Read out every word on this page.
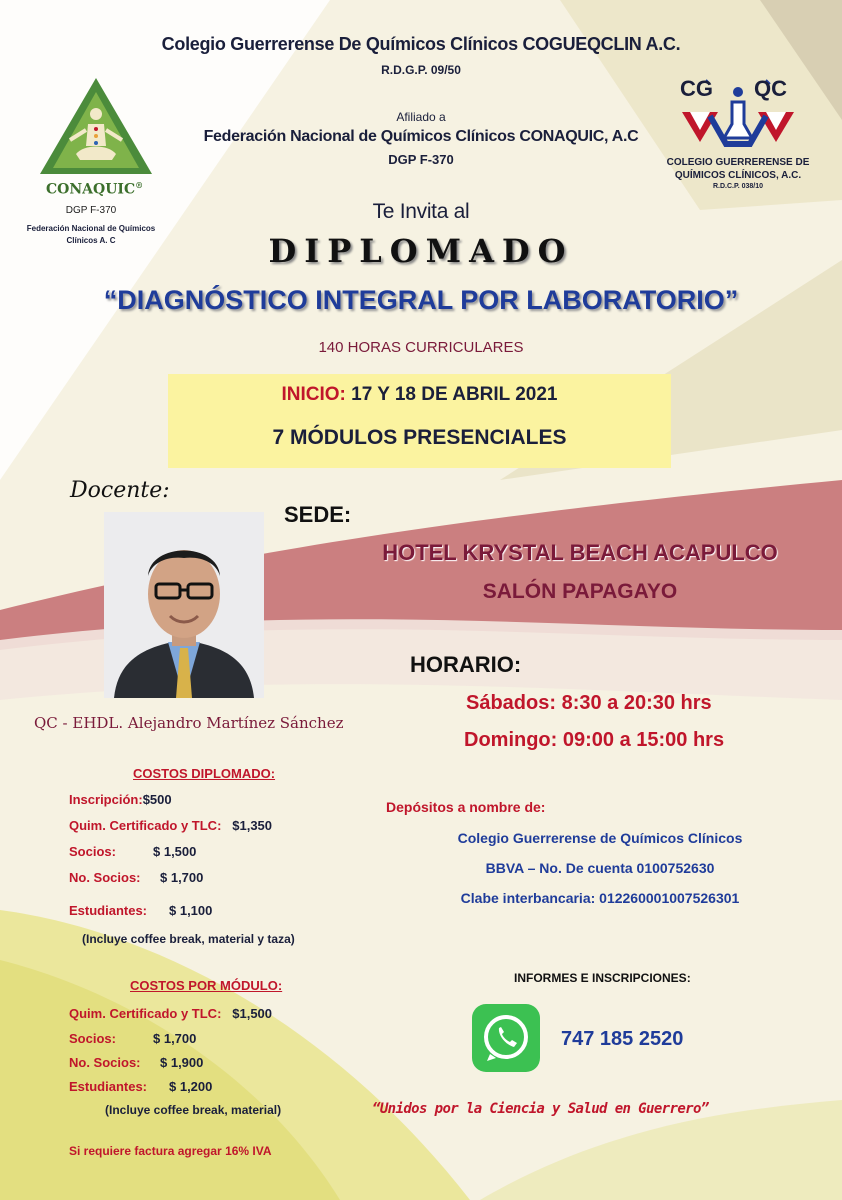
Colegio Guerrerense De Químicos Clínicos COGUEQCLIN A.C.
R.D.G.P. 09/50
Afiliado a
Federación Nacional de Químicos Clínicos CONAQUIC, A.C
DGP F-370
CONAQUIC®
DGP F-370
Federación Nacional de Químicos
Clínicos A. C
CG QC
COLEGIO GUERRERENSE DE
QUÍMICOS CLÍNICOS, A.C.
R.D.C.P. 038/10
Te Invita al
DIPLOMADO
“DIAGNÓSTICO INTEGRAL POR LABORATORIO”
140 HORAS CURRICULARES
INICIO: 17 Y 18 DE ABRIL 2021
7 MÓDULOS PRESENCIALES
Docente:
QC - EHDL. Alejandro Martínez Sánchez
SEDE:
HOTEL KRYSTAL BEACH ACAPULCO
SALÓN PAPAGAYO
HORARIO:
Sábados: 8:30 a 20:30 hrs
Domingo: 09:00 a 15:00 hrs
COSTOS DIPLOMADO:
Inscripción:$500
Quim. Certificado y TLC: $1,350
Socios:	$ 1,500
No. Socios: $ 1,700
Estudiantes: $ 1,100
(Incluye coffee break, material y taza)
COSTOS POR MÓDULO:
Quim. Certificado y TLC: $1,500
Socios:	$ 1,700
No. Socios: $ 1,900
Estudiantes: $ 1,200
(Incluye coffee break, material)
Si requiere factura agregar 16% IVA
Depósitos a nombre de:
Colegio Guerrerense de Químicos Clínicos
BBVA – No. De cuenta 0100752630
Clabe interbancaria: 012260001007526301
INFORMES E INSCRIPCIONES:
747 185 2520
“Unidos por la Ciencia y Salud en Guerrero”
